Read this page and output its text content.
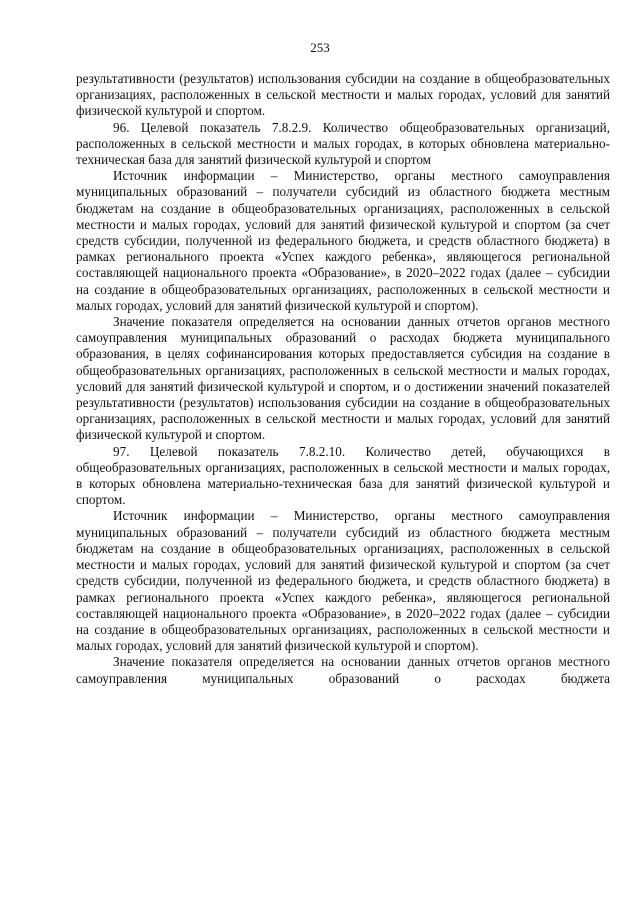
253

результативности (результатов) использования субсидии на создание в общеобразовательных организациях, расположенных в сельской местности и малых городах, условий для занятий физической культурой и спортом.

96. Целевой показатель 7.8.2.9. Количество общеобразовательных организаций, расположенных в сельской местности и малых городах, в которых обновлена материально-техническая база для занятий физической культурой и спортом

Источник информации – Министерство, органы местного самоуправления муниципальных образований – получатели субсидий из областного бюджета местным бюджетам на создание в общеобразовательных организациях, расположенных в сельской местности и малых городах, условий для занятий физической культурой и спортом (за счет средств субсидии, полученной из федерального бюджета, и средств областного бюджета) в рамках регионального проекта «Успех каждого ребенка», являющегося региональной составляющей национального проекта «Образование», в 2020–2022 годах (далее – субсидии на создание в общеобразовательных организациях, расположенных в сельской местности и малых городах, условий для занятий физической культурой и спортом).

Значение показателя определяется на основании данных отчетов органов местного самоуправления муниципальных образований о расходах бюджета муниципального образования, в целях софинансирования которых предоставляется субсидия на создание в общеобразовательных организациях, расположенных в сельской местности и малых городах, условий для занятий физической культурой и спортом, и о достижении значений показателей результативности (результатов) использования субсидии на создание в общеобразовательных организациях, расположенных в сельской местности и малых городах, условий для занятий физической культурой и спортом.

97. Целевой показатель 7.8.2.10. Количество детей, обучающихся в общеобразовательных организациях, расположенных в сельской местности и малых городах, в которых обновлена материально-техническая база для занятий физической культурой и спортом.

Источник информации – Министерство, органы местного самоуправления муниципальных образований – получатели субсидий из областного бюджета местным бюджетам на создание в общеобразовательных организациях, расположенных в сельской местности и малых городах, условий для занятий физической культурой и спортом (за счет средств субсидии, полученной из федерального бюджета, и средств областного бюджета) в рамках регионального проекта «Успех каждого ребенка», являющегося региональной составляющей национального проекта «Образование», в 2020–2022 годах (далее – субсидии на создание в общеобразовательных организациях, расположенных в сельской местности и малых городах, условий для занятий физической культурой и спортом).

Значение показателя определяется на основании данных отчетов органов местного самоуправления муниципальных образований о расходах бюджета
